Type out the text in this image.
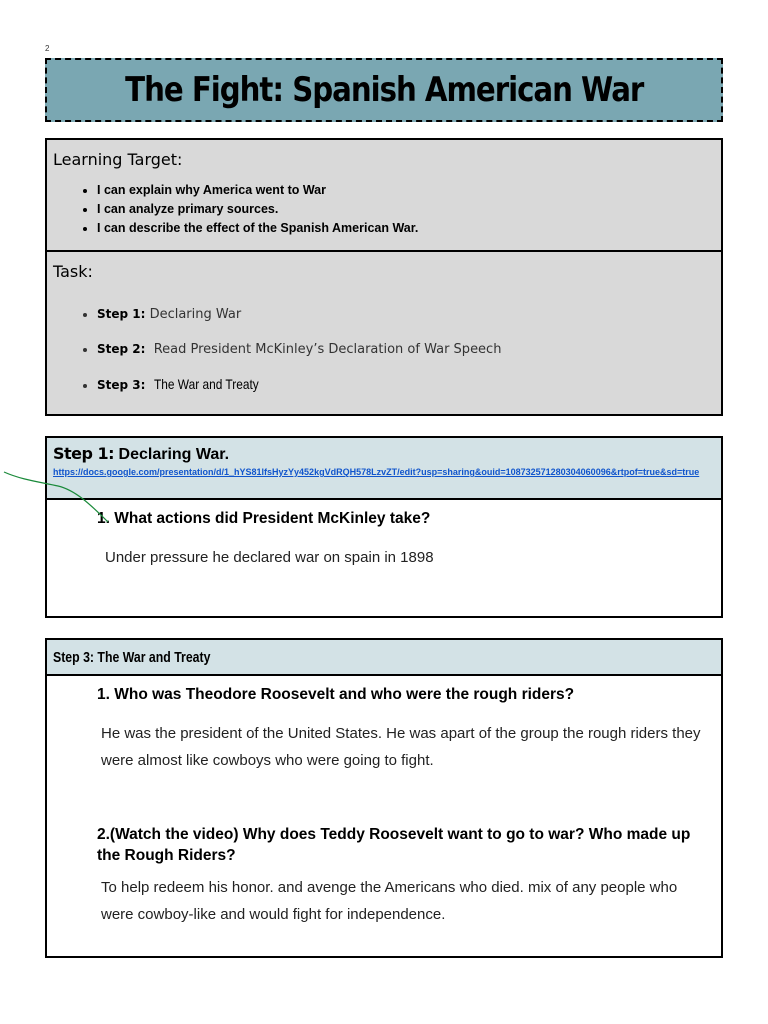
2
The Fight: Spanish American War
Learning Target:
• I can explain why America went to War
• I can analyze primary sources.
• I can describe the effect of the Spanish American War.
Task:
• Step 1: Declaring War
• Step 2: Read President McKinley’s Declaration of War Speech
• Step 3: The War and Treaty
Step 1: Declaring War.
https://docs.google.com/presentation/d/1_hYS81lfsHyzYy452kgVdRQH578LzvZT/edit?usp=sharing&ouid=108732571280304060096&rtpof=true&sd=true

1. What actions did President McKinley take?

Under pressure he declared war on spain in 1898

Step 3: The War and Treaty

1. Who was Theodore Roosevelt and who were the rough riders?

He was the president of the United States. He was apart of the group the rough riders they were almost like cowboys who were going to fight.

2.(Watch the video) Why does Teddy Roosevelt want to go to war? Who made up the Rough Riders?

To help redeem his honor. and avenge the Americans who died. mix of any people who were cowboy-like and would fight for independence.
